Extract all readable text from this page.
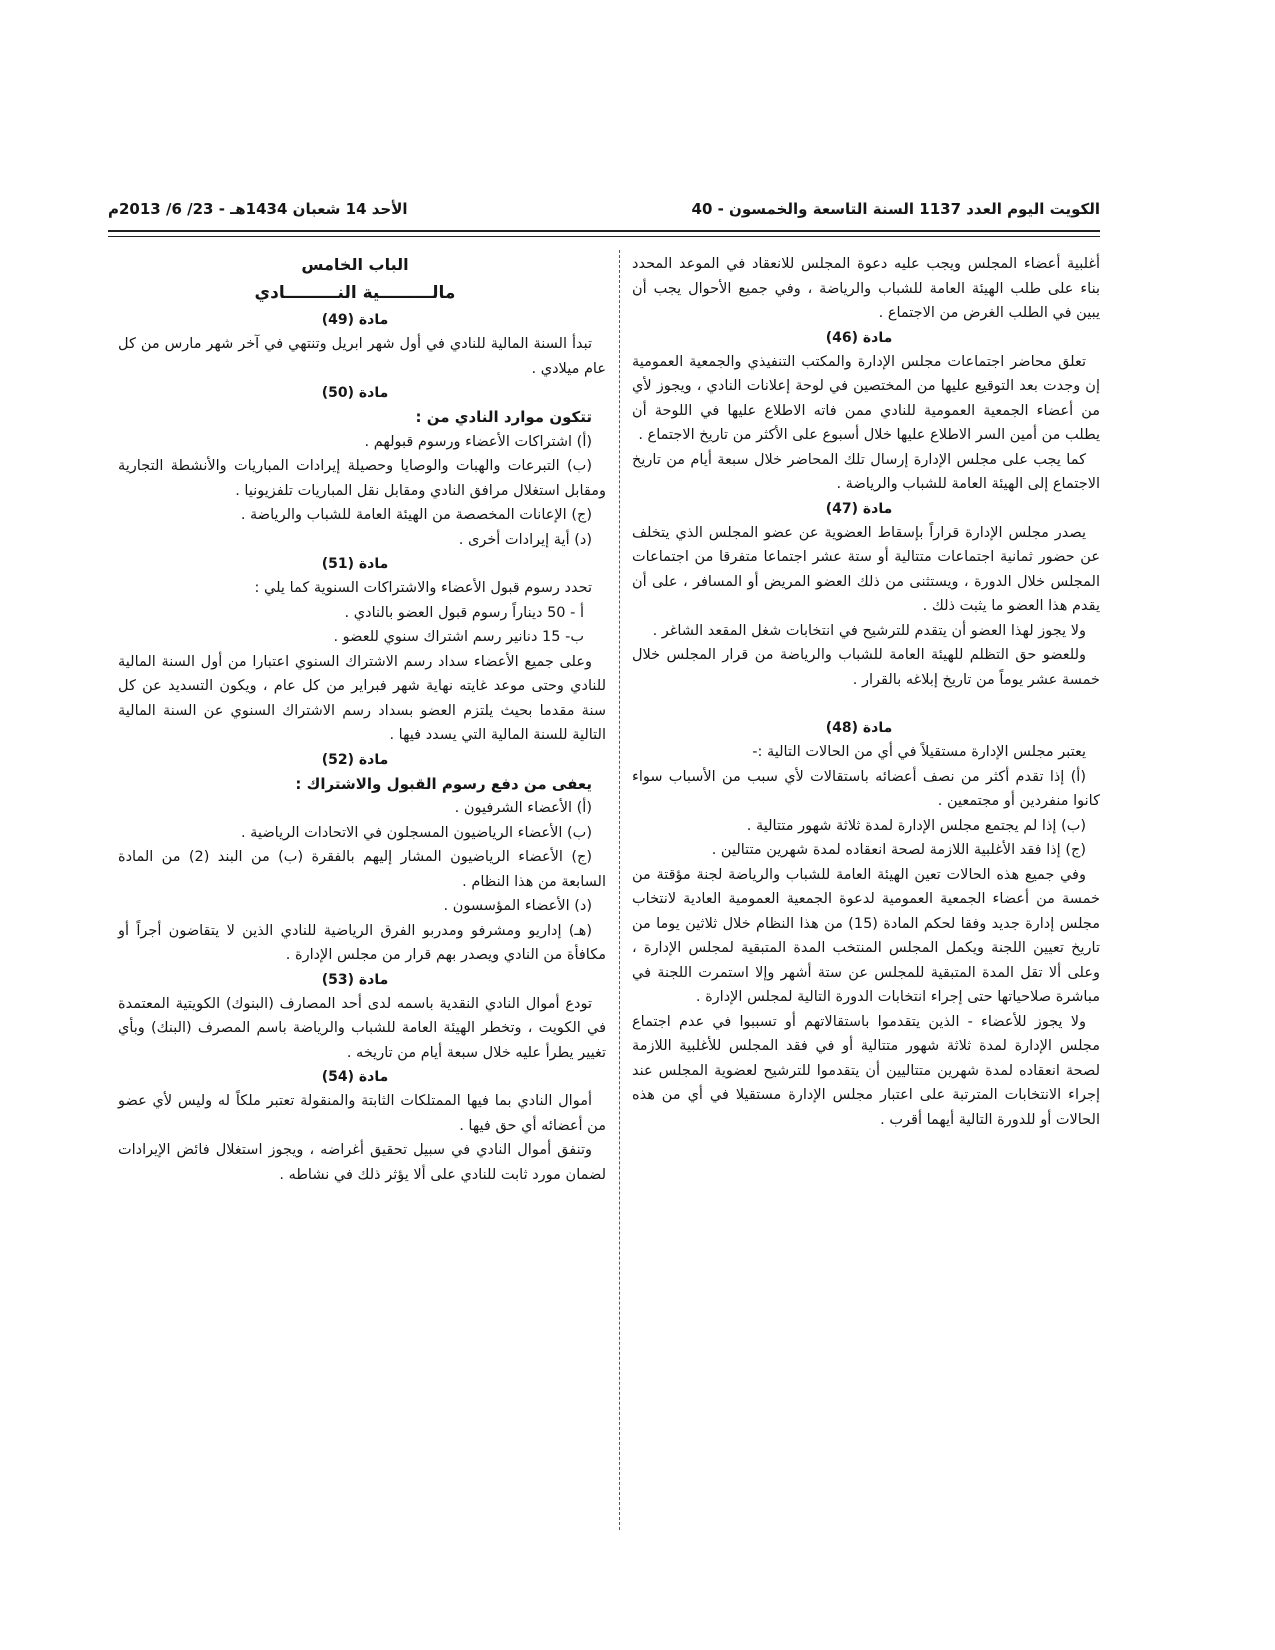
الكويت اليوم العدد 1137 السنة التاسعة والخمسون - 40
الأحد 14 شعبان 1434هـ - 23/ 6/ 2013م

أغلبية أعضاء المجلس ويجب عليه دعوة المجلس للانعقاد في الموعد المحدد بناء على طلب الهيئة العامة للشباب والرياضة ، وفي جميع الأحوال يجب أن يبين في الطلب الغرض من الاجتماع .

مادة (46)

تعلق محاضر اجتماعات مجلس الإدارة والمكتب التنفيذي والجمعية العمومية إن وجدت بعد التوقيع عليها من المختصين في لوحة إعلانات النادي ، ويجوز لأي من أعضاء الجمعية العمومية للنادي ممن فاته الاطلاع عليها في اللوحة أن يطلب من أمين السر الاطلاع عليها خلال أسبوع على الأكثر من تاريخ الاجتماع .

كما يجب على مجلس الإدارة إرسال تلك المحاضر خلال سبعة أيام من تاريخ الاجتماع إلى الهيئة العامة للشباب والرياضة .

مادة (47)

يصدر مجلس الإدارة قراراً بإسقاط العضوية عن عضو المجلس الذي يتخلف عن حضور ثمانية اجتماعات متتالية أو ستة عشر اجتماعا متفرقا من اجتماعات المجلس خلال الدورة ، ويستثنى من ذلك العضو المريض أو المسافر ، على أن يقدم هذا العضو ما يثبت ذلك .

ولا يجوز لهذا العضو أن يتقدم للترشيح في انتخابات شغل المقعد الشاغر .

وللعضو حق التظلم للهيئة العامة للشباب والرياضة من قرار المجلس خلال خمسة عشر يوماً من تاريخ إبلاغه بالقرار .

مادة (48)

يعتبر مجلس الإدارة مستقيلاً في أي من الحالات التالية :-

(أ) إذا تقدم أكثر من نصف أعضائه باستقالات لأي سبب من الأسباب سواء كانوا منفردين أو مجتمعين .

(ب) إذا لم يجتمع مجلس الإدارة لمدة ثلاثة شهور متتالية .

(ج) إذا فقد الأغلبية اللازمة لصحة انعقاده لمدة شهرين متتالين .

وفي جميع هذه الحالات تعين الهيئة العامة للشباب والرياضة لجنة مؤقتة من خمسة من أعضاء الجمعية العمومية لدعوة الجمعية العمومية العادية لانتخاب مجلس إدارة جديد وفقا لحكم المادة (15) من هذا النظام خلال ثلاثين يوما من تاريخ تعيين اللجنة ويكمل المجلس المنتخب المدة المتبقية لمجلس الإدارة ، وعلى ألا تقل المدة المتبقية للمجلس عن ستة أشهر وإلا استمرت اللجنة في مباشرة صلاحياتها حتى إجراء انتخابات الدورة التالية لمجلس الإدارة .

ولا يجوز للأعضاء - الذين يتقدموا باستقالاتهم أو تسببوا في عدم اجتماع مجلس الإدارة لمدة ثلاثة شهور متتالية أو في فقد المجلس للأغلبية اللازمة لصحة انعقاده لمدة شهرين متتاليين أن يتقدموا للترشيح لعضوية المجلس عند إجراء الانتخابات المترتبة على اعتبار مجلس الإدارة مستقيلا في أي من هذه الحالات أو للدورة التالية أيهما أقرب .

الباب الخامس

مالـــــــــية النـــــــــادي

مادة (49)

تبدأ السنة المالية للنادي في أول شهر ابريل وتنتهي في آخر شهر مارس من كل عام ميلادي .

مادة (50)

تتكون موارد النادي من :

(أ) اشتراكات الأعضاء ورسوم قبولهم .

(ب) التبرعات والهبات والوصايا وحصيلة إيرادات المباريات والأنشطة التجارية ومقابل استغلال مرافق النادي ومقابل نقل المباريات تلفزيونيا .

(ج) الإعانات المخصصة من الهيئة العامة للشباب والرياضة .

(د) أية إيرادات أخرى .

مادة (51)

تحدد رسوم قبول الأعضاء والاشتراكات السنوية كما يلي :

أ - 50 ديناراً رسوم قبول العضو بالنادي .

ب- 15 دنانير رسم اشتراك سنوي للعضو .

وعلى جميع الأعضاء سداد رسم الاشتراك السنوي اعتبارا من أول السنة المالية للنادي وحتى موعد غايته نهاية شهر فبراير من كل عام ، ويكون التسديد عن كل سنة مقدما بحيث يلتزم العضو بسداد رسم الاشتراك السنوي عن السنة المالية التالية للسنة المالية التي يسدد فيها .

مادة (52)

يعفى من دفع رسوم القبول والاشتراك :

(أ) الأعضاء الشرفيون .

(ب) الأعضاء الرياضيون المسجلون في الاتحادات الرياضية .

(ج) الأعضاء الرياضيون المشار إليهم بالفقرة (ب) من البند (2) من المادة السابعة من هذا النظام .

(د) الأعضاء المؤسسون .

(هـ) إداريو ومشرفو ومدربو الفرق الرياضية للنادي الذين لا يتقاضون أجراً أو مكافأة من النادي ويصدر بهم قرار من مجلس الإدارة .

مادة (53)

تودع أموال النادي النقدية باسمه لدى أحد المصارف (البنوك) الكويتية المعتمدة في الكويت ، وتخطر الهيئة العامة للشباب والرياضة باسم المصرف (البنك) وبأي تغيير يطرأ عليه خلال سبعة أيام من تاريخه .

مادة (54)

أموال النادي بما فيها الممتلكات الثابتة والمنقولة تعتبر ملكاً له وليس لأي عضو من أعضائه أي حق فيها .

وتنفق أموال النادي في سبيل تحقيق أغراضه ، ويجوز استغلال فائض الإيرادات لضمان مورد ثابت للنادي على ألا يؤثر ذلك في نشاطه .
